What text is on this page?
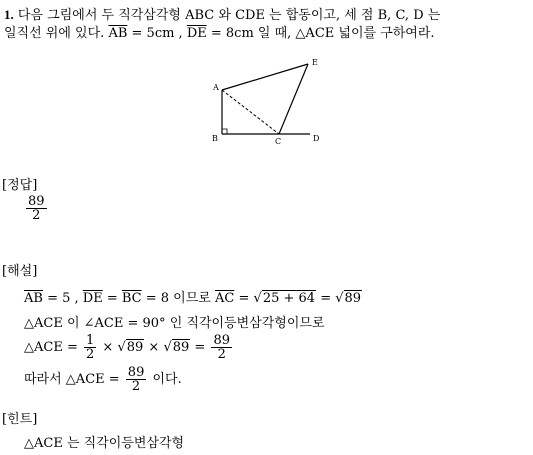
1. 다음 그림에서 두 직각삼각형 ABC 와 CDE 는 합동이고, 세 점 B, C, D 는
일직선 위에 있다. $\overline{AB} = 5cm$ , $\overline{DE} = 8cm$ 일 때, △ACE 넓이를 구하여라.
A
B	C	D
E
[정답]
$\frac{89}{2}$
[해설]
$\overline{AB} = 5$ , $\overline{DE} = \overline{BC} = 8$ 이므로 $\overline{AC} = √25 + 64 = √89$
△ACE 이 ∠ACE = 90° 인 직각이등변삼각형이므로
△ACE = $\frac{1}{2} \times √89 \times √89 = \frac{89}{2}$
따라서 △ACE = $\frac{89}{2}$ 이다.
[힌트]
△ACE 는 직각이등변삼각형
